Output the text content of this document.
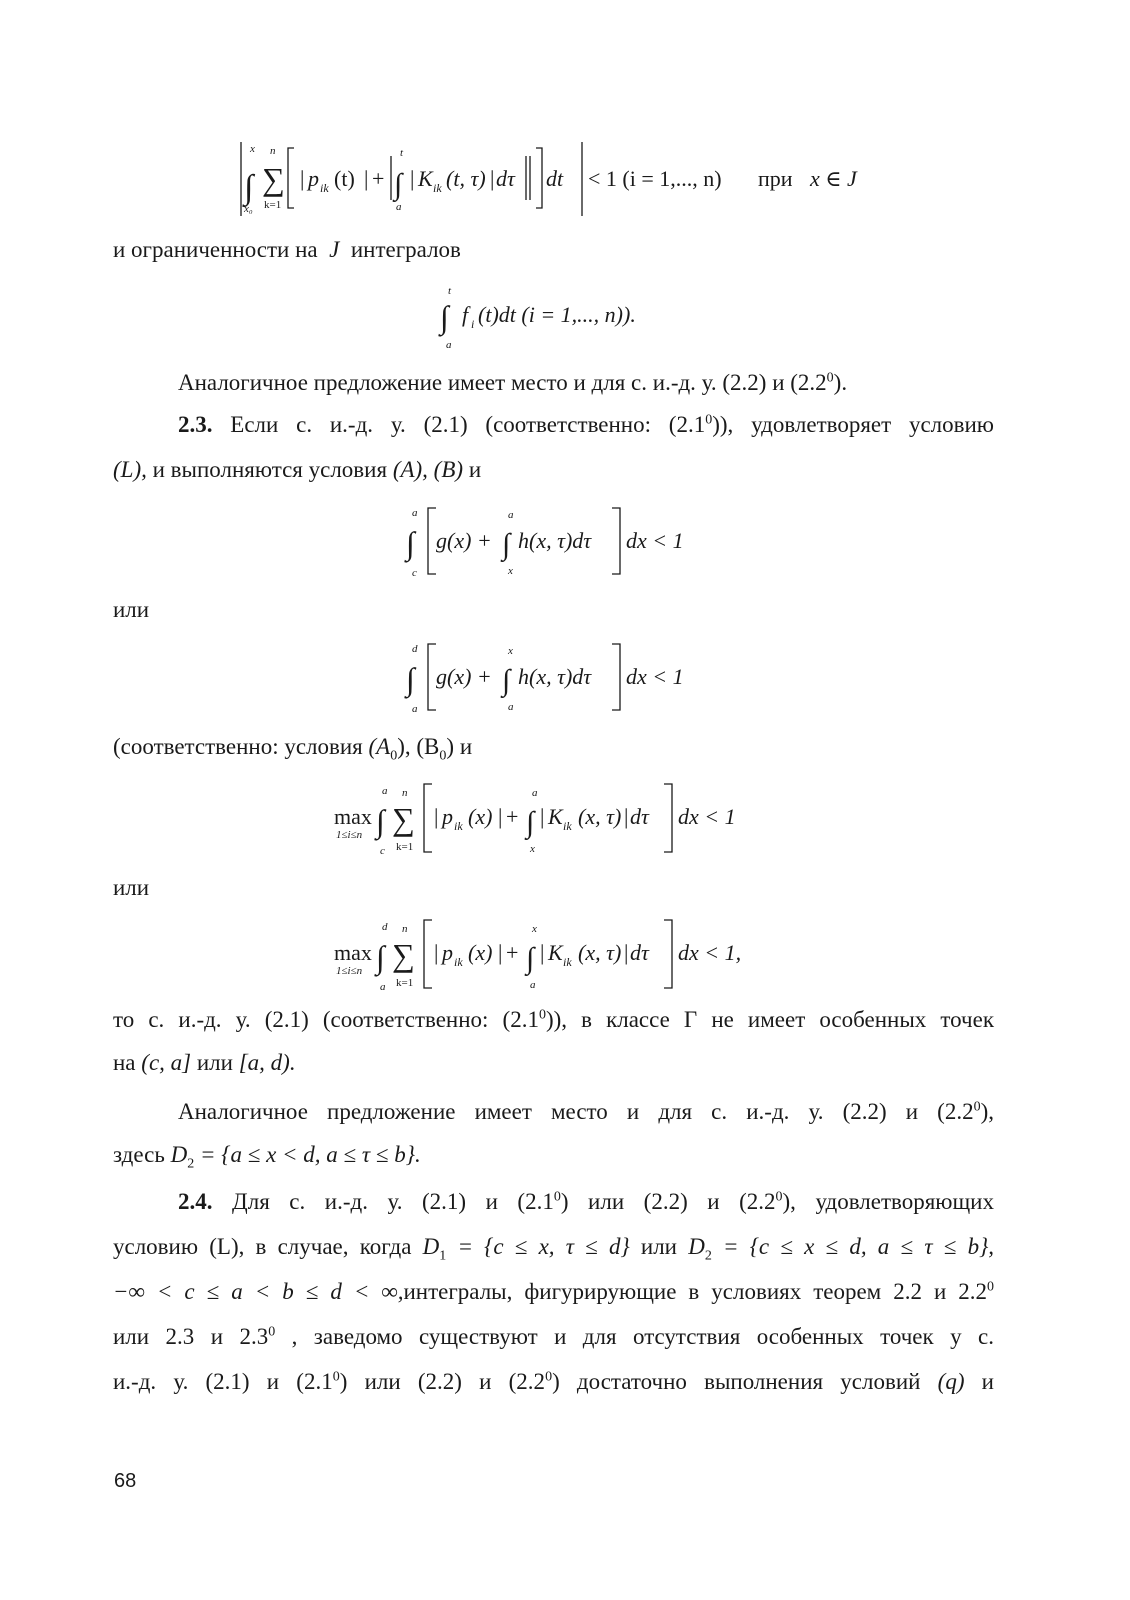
∫
x
x₀
∑
n
k=1
| p ik (t) | + ∫
t
a
| K ik (t, τ) | dτ dt < 1 (i = 1,..., n) при x ∈ J
и ограниченности на J интегралов
∫
t
a
f i (t)dt (i = 1,..., n)).
Аналогичное предложение имеет место и для с. и.-д. у. (2.2) и $(2.2^0)$.
2.3. Если с. и.-д. у. (2.1) (соответственно: $(2.1^0)$), удовлетворяет условию
(L), и выполняются условия (A), (B) и
∫
a
c
g(x) + ∫
a
x
h(x, τ)dτ dx < 1
или
∫
d
a
g(x) + ∫
x
a
h(x, τ)dτ dx < 1
(соответственно: условия $(A_0)$, $(B_0)$ и
max
1≤i≤n ∫
a
c
∑
n
k=1
| p ik (x) | + ∫
a
x
| K ik (x, τ) | dτ dx < 1
или
max
1≤i≤n ∫
d
a
∑
n
k=1
| p ik (x) | + ∫
x
a
| K ik (x, τ) | dτ dx < 1,
то с. и.-д. у. (2.1) (соответственно: $(2.1^0)$), в классе Γ не имеет особенных точек
на (c, a] или [a, d).
Аналогичное предложение имеет место и для с. и.-д. у. (2.2) и $(2.2^0)$,
здесь $D_2 = \{a \le x < d$, a ≤ τ ≤ b}.
2.4. Для с. и.-д. у. (2.1) и $(2.1^0)$ или (2.2) и $(2.2^0)$, удовлетворяющих
условию (L), в случае, когда $D_1 = \{c \le x$, τ ≤ d} или $D_2 = \{c \le x \le d$, a ≤ τ ≤ b},
−∞ < c ≤ a < b ≤ d < ∞,интегралы, фигурирующие в условиях теорем 2.2 и $2.2^0$
или 2.3 и $2.3^0$ , заведомо существуют и для отсутствия особенных точек у с.
и.-д. у. (2.1) и $(2.1^0)$ или (2.2) и $(2.2^0)$ достаточно выполнения условий (q) и
68
